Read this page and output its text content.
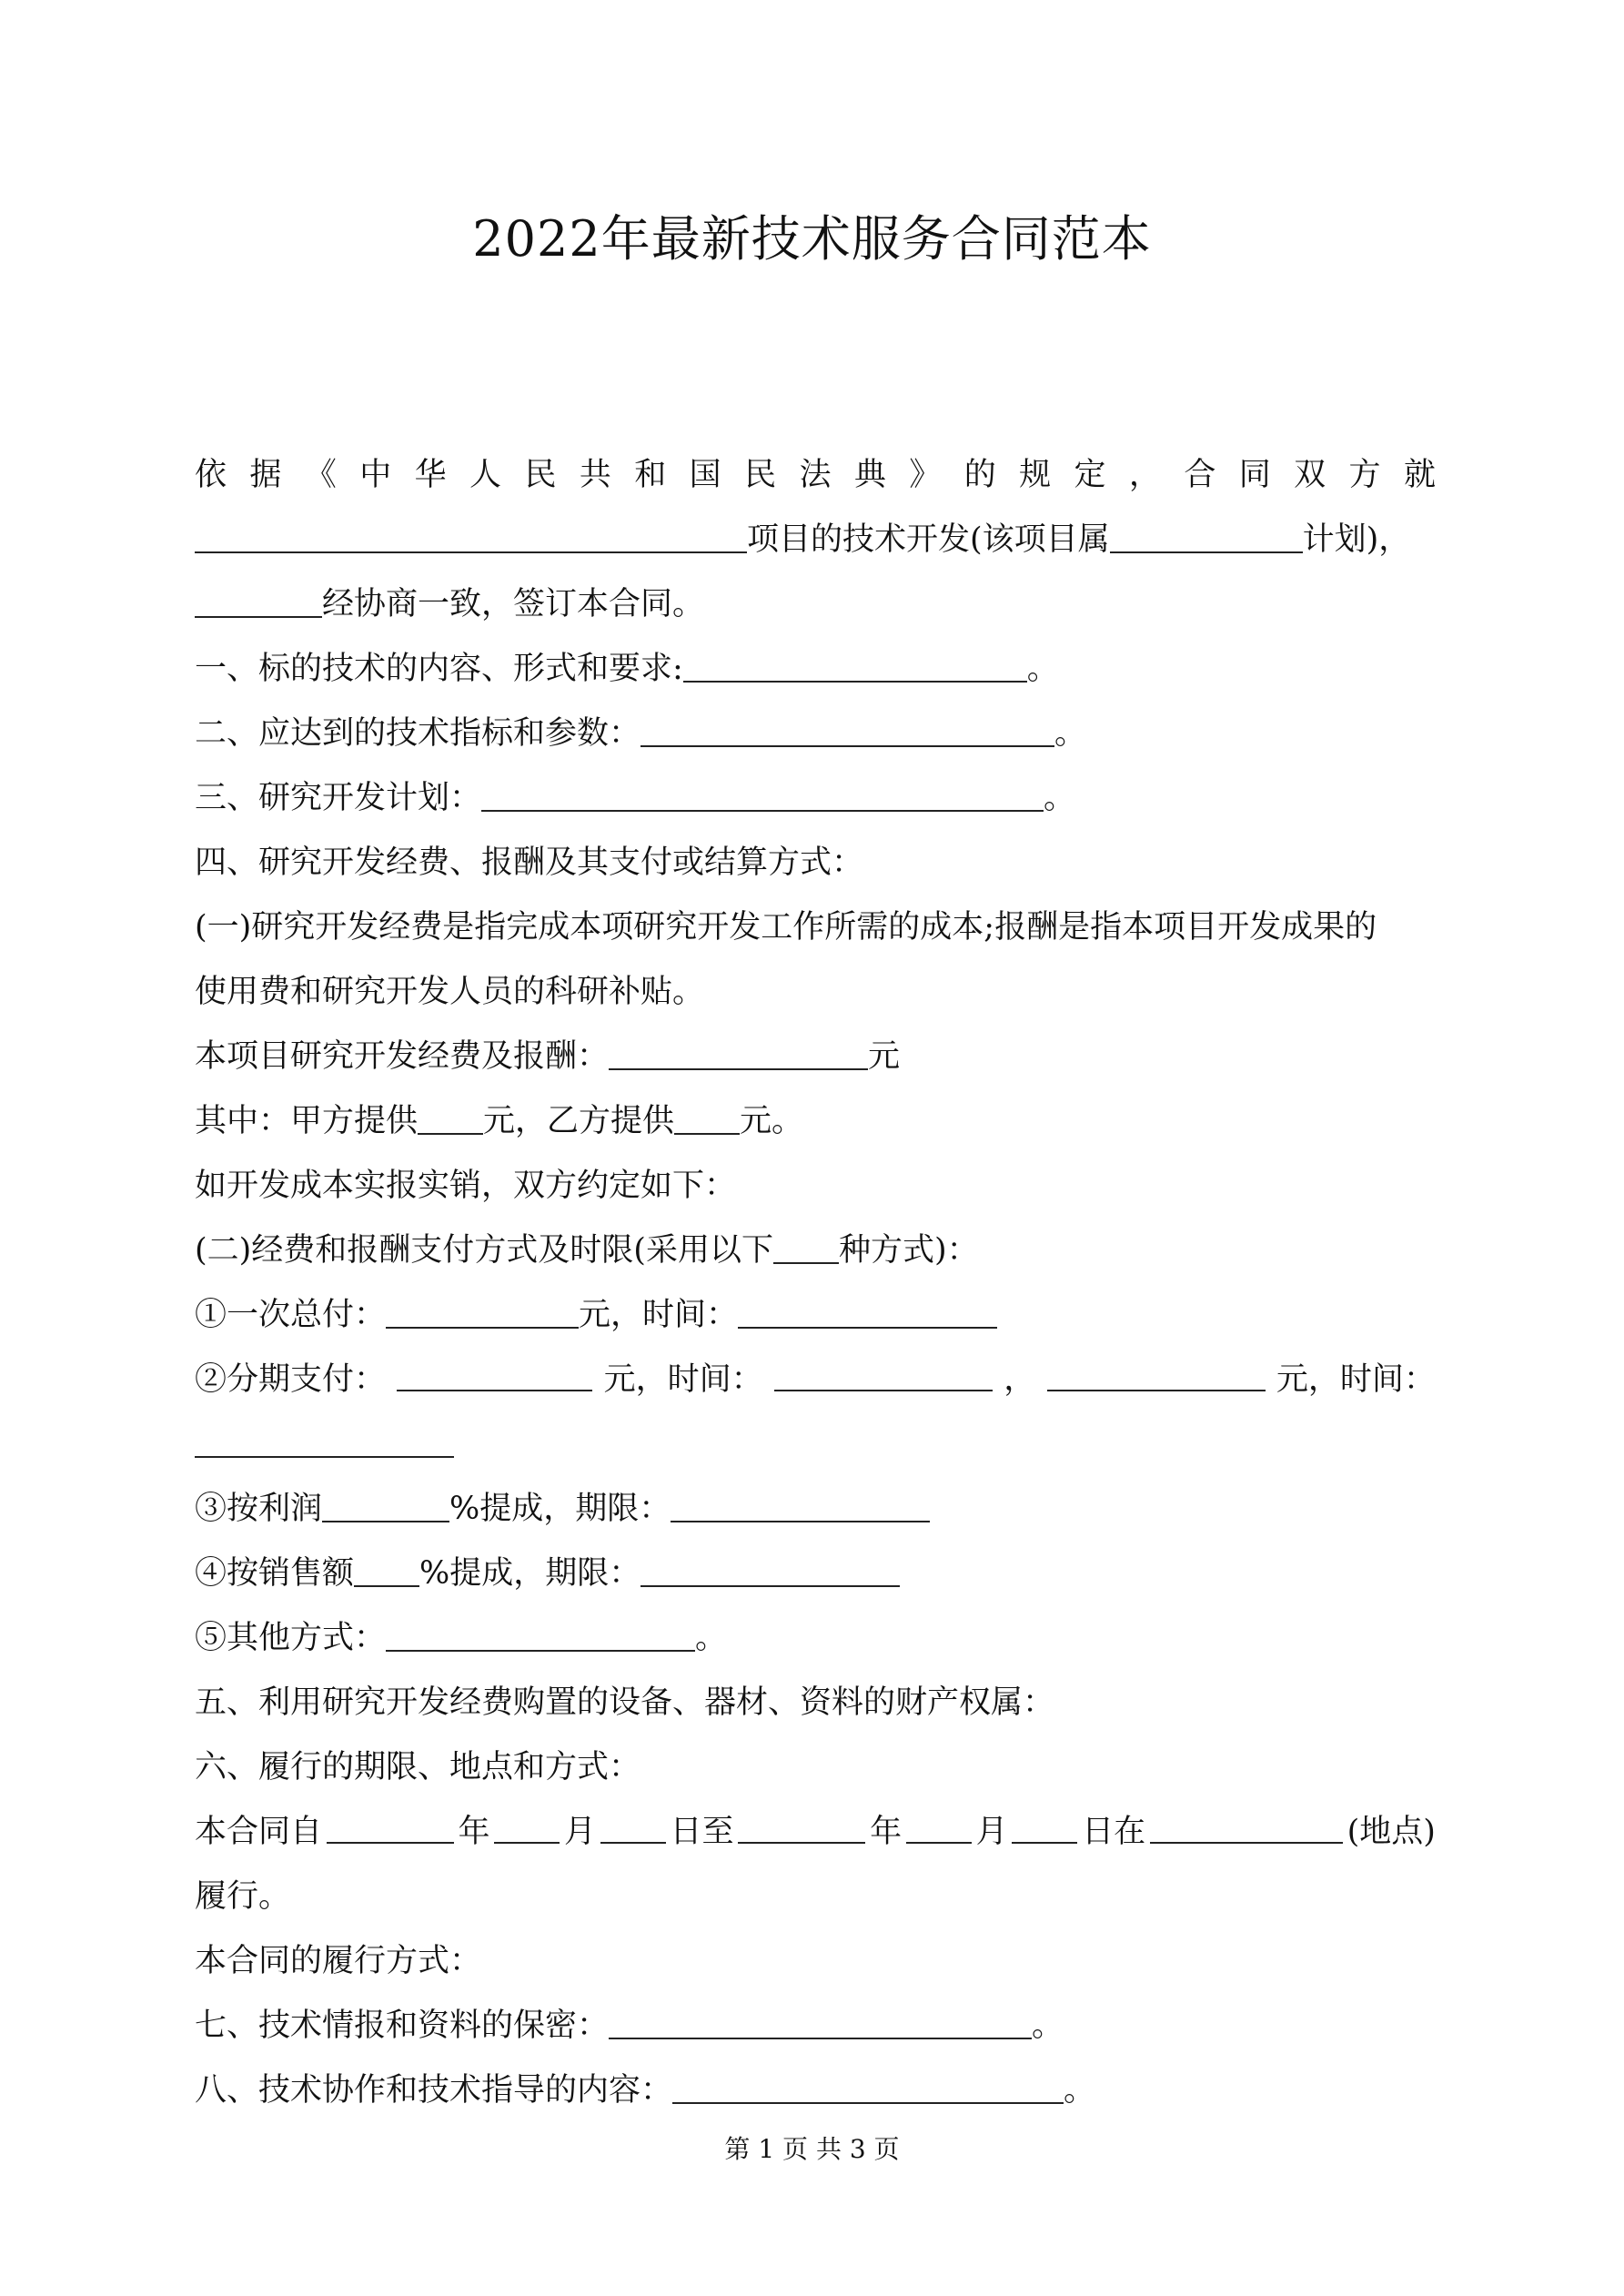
2022年最新技术服务合同范本
依 据 《 中 华 人 民 共 和 国 民 法 典 》 的 规 定 ， 合 同 双 方 就
项目的技术开发(该项目属	计划)，
经协商一致，签订本合同。
一、标的技术的内容、形式和要求:	。
二、应达到的技术指标和参数：	。
三、研究开发计划：	。
四、研究开发经费、报酬及其支付或结算方式：
(一)研究开发经费是指完成本项研究开发工作所需的成本;报酬是指本项目开发成果的
使用费和研究开发人员的科研补贴。
本项目研究开发经费及报酬：	元
其中：甲方提供 元，乙方提供 元。
如开发成本实报实销，双方约定如下：
(二)经费和报酬支付方式及时限(采用以下 种方式)：
①一次总付：	元，时间：
②分期支付：	元，时间：	，	元，时间：
③按利润	%提成，期限：
④按销售额 %提成，期限：
⑤其他方式：	。
五、利用研究开发经费购置的设备、器材、资料的财产权属：
六、履行的期限、地点和方式：
本合同自	年 月 日至	年 月 日在	(地点)
履行。
本合同的履行方式：
七、技术情报和资料的保密：	。
八、技术协作和技术指导的内容：	。
第 1 页 共 3 页
